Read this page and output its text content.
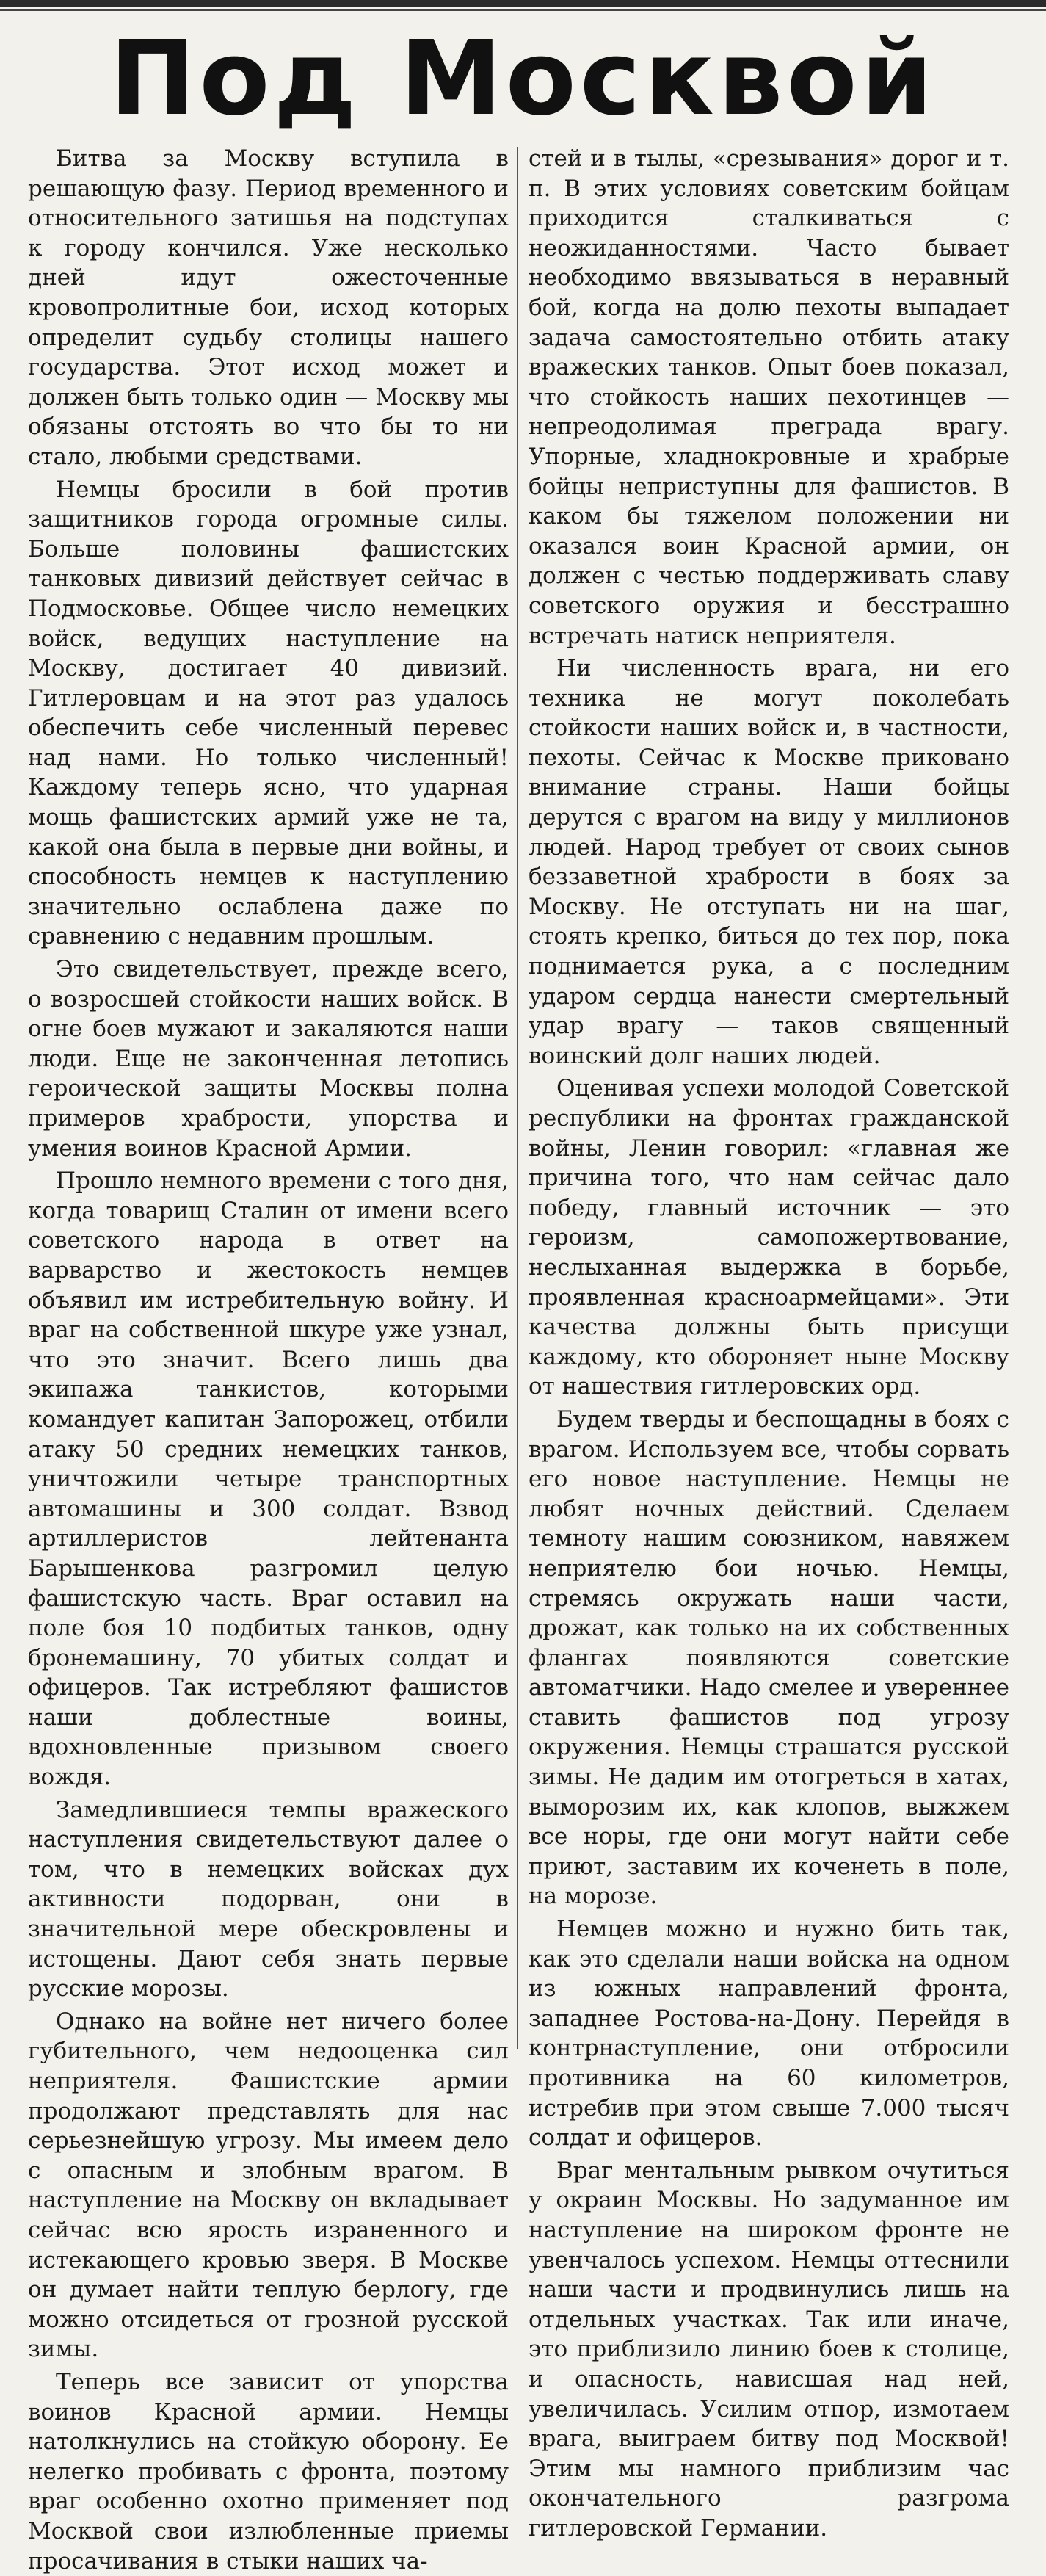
Под Москвой

Битва за Москву вступила в решающую фазу. Период временного и относительного затишья на подступах к городу кончился. Уже несколько дней идут ожесточенные кровопролитные бои, исход которых определит судьбу столицы нашего государства. Этот исход может и должен быть только один — Москву мы обязаны отстоять во что бы то ни стало, любыми средствами.

Немцы бросили в бой против защитников города огромные силы. Больше половины фашистских танковых дивизий действует сейчас в Подмосковье. Общее число немецких войск, ведущих наступление на Москву, достигает 40 дивизий. Гитлеровцам и на этот раз удалось обеспечить себе численный перевес над нами. Но только численный! Каждому теперь ясно, что ударная мощь фашистских армий уже не та, какой она была в первые дни войны, и способность немцев к наступлению значительно ослаблена даже по сравнению с недавним прошлым.

Это свидетельствует, прежде всего, о возросшей стойкости наших войск. В огне боев мужают и закаляются наши люди. Еще не законченная летопись героической защиты Москвы полна примеров храбрости, упорства и умения воинов Красной Армии.

Прошло немного времени с того дня, когда товарищ Сталин от имени всего советского народа в ответ на варварство и жестокость немцев объявил им истребительную войну. И враг на собственной шкуре уже узнал, что это значит. Всего лишь два экипажа танкистов, которыми командует капитан Запорожец, отбили атаку 50 средних немецких танков, уничтожили четыре транспортных автомашины и 300 солдат. Взвод артиллеристов лейтенанта Барышенкова разгромил целую фашистскую часть. Враг оставил на поле боя 10 подбитых танков, одну бронемашину, 70 убитых солдат и офицеров. Так истребляют фашистов наши доблестные воины, вдохновленные призывом своего вождя.

Замедлившиеся темпы вражеского наступления свидетельствуют далее о том, что в немецких войсках дух активности подорван, они в значительной мере обескровлены и истощены. Дают себя знать первые русские морозы.

Однако на войне нет ничего более губительного, чем недооценка сил неприятеля. Фашистские армии продолжают представлять для нас серьезнейшую угрозу. Мы имеем дело с опасным и злобным врагом. В наступление на Москву он вкладывает сейчас всю ярость израненного и истекающего кровью зверя. В Москве он думает найти теплую берлогу, где можно отсидеться от грозной русской зимы.

Теперь все зависит от упорства воинов Красной армии. Немцы натолкнулись на стойкую оборону. Ее нелегко пробивать с фронта, поэтому враг особенно охотно применяет под Москвой свои излюбленные приемы просачивания в стыки наших ча-

стей и в тылы, «срезывания» дорог и т. п. В этих условиях советским бойцам приходится сталкиваться с неожиданностями. Часто бывает необходимо ввязываться в неравный бой, когда на долю пехоты выпадает задача самостоятельно отбить атаку вражеских танков. Опыт боев показал, что стойкость наших пехотинцев — непреодолимая преграда врагу. Упорные, хладнокровные и храбрые бойцы неприступны для фашистов. В каком бы тяжелом положении ни оказался воин Красной армии, он должен с честью поддерживать славу советского оружия и бесстрашно встречать натиск неприятеля.

Ни численность врага, ни его техника не могут поколебать стойкости наших войск и, в частности, пехоты. Сейчас к Москве приковано внимание страны. Наши бойцы дерутся с врагом на виду у миллионов людей. Народ требует от своих сынов беззаветной храбрости в боях за Москву. Не отступать ни на шаг, стоять крепко, биться до тех пор, пока поднимается рука, а с последним ударом сердца нанести смертельный удар врагу — таков священный воинский долг наших людей.

Оценивая успехи молодой Советской республики на фронтах гражданской войны, Ленин говорил: «главная же причина того, что нам сейчас дало победу, главный источник — это героизм, самопожертвование, неслыханная выдержка в борьбе, проявленная красноармейцами». Эти качества должны быть присущи каждому, кто обороняет ныне Москву от нашествия гитлеровских орд.

Будем тверды и беспощадны в боях с врагом. Используем все, чтобы сорвать его новое наступление. Немцы не любят ночных действий. Сделаем темноту нашим союзником, навяжем неприятелю бои ночью. Немцы, стремясь окружать наши части, дрожат, как только на их собственных флангах появляются советские автоматчики. Надо смелее и увереннее ставить фашистов под угрозу окружения. Немцы страшатся русской зимы. Не дадим им отогреться в хатах, выморозим их, как клопов, выжжем все норы, где они могут найти себе приют, заставим их коченеть в поле, на морозе.

Немцев можно и нужно бить так, как это сделали наши войска на одном из южных направлений фронта, западнее Ростова-на-Дону. Перейдя в контрнаступление, они отбросили противника на 60 километров, истребив при этом свыше 7.000 тысяч солдат и офицеров.

Враг ментальным рывком очутиться у окраин Москвы. Но задуманное им наступление на широком фронте не увенчалось успехом. Немцы оттеснили наши части и продвинулись лишь на отдельных участках. Так или иначе, это приблизило линию боев к столице, и опасность, нависшая над ней, увеличилась. Усилим отпор, измотаем врага, выиграем битву под Москвой! Этим мы намного приблизим час окончательного разгрома гитлеровской Германии.
